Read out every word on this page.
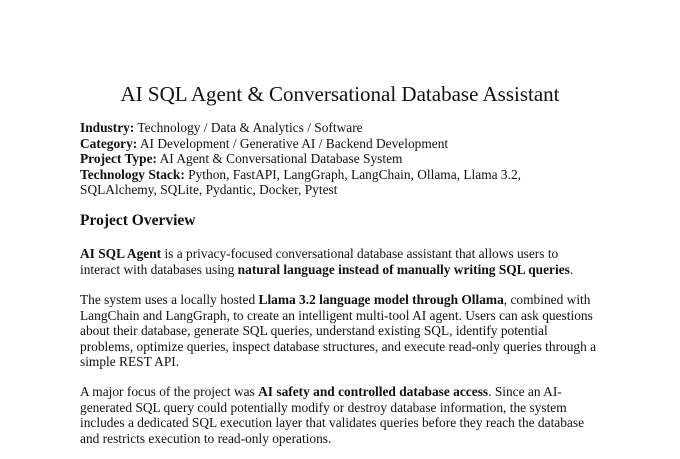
AI SQL Agent & Conversational Database Assistant
Industry: Technology / Data & Analytics / Software
Category: AI Development / Generative AI / Backend Development
Project Type: AI Agent & Conversational Database System
Technology Stack: Python, FastAPI, LangGraph, LangChain, Ollama, Llama 3.2,
SQLAlchemy, SQLite, Pydantic, Docker, Pytest
Project Overview

AI SQL Agent is a privacy-focused conversational database assistant that allows users to
interact with databases using natural language instead of manually writing SQL queries.

The system uses a locally hosted Llama 3.2 language model through Ollama, combined with
LangChain and LangGraph, to create an intelligent multi-tool AI agent. Users can ask questions
about their database, generate SQL queries, understand existing SQL, identify potential
problems, optimize queries, inspect database structures, and execute read-only queries through a
simple REST API.

A major focus of the project was AI safety and controlled database access. Since an AI-
generated SQL query could potentially modify or destroy database information, the system
includes a dedicated SQL execution layer that validates queries before they reach the database
and restricts execution to read-only operations.
